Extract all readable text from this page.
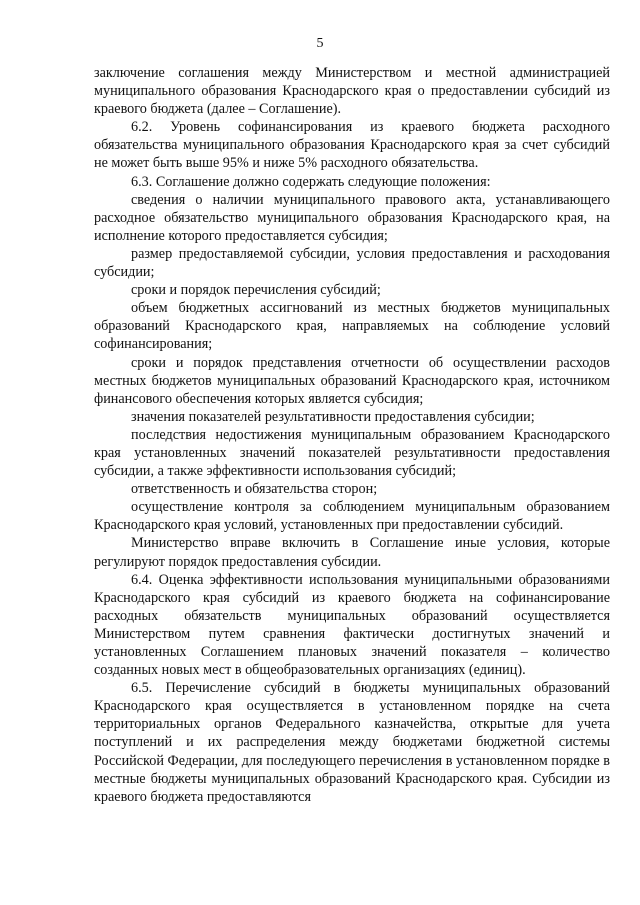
5

заключение соглашения между Министерством и местной администрацией муниципального образования Краснодарского края о предоставлении субсидий из краевого бюджета (далее – Соглашение).

6.2. Уровень софинансирования из краевого бюджета расходного обязательства муниципального образования Краснодарского края за счет субсидий не может быть выше 95% и ниже 5% расходного обязательства.

6.3. Соглашение должно содержать следующие положения:

сведения о наличии муниципального правового акта, устанавливающего расходное обязательство муниципального образования Краснодарского края, на исполнение которого предоставляется субсидия;

размер предоставляемой субсидии, условия предоставления и расходования субсидии;

сроки и порядок перечисления субсидий;

объем бюджетных ассигнований из местных бюджетов муниципальных образований Краснодарского края, направляемых на соблюдение условий софинансирования;

сроки и порядок представления отчетности об осуществлении расходов местных бюджетов муниципальных образований Краснодарского края, источником финансового обеспечения которых является субсидия;

значения показателей результативности предоставления субсидии;

последствия недостижения муниципальным образованием Краснодарского края установленных значений показателей результативности предоставления субсидии, а также эффективности использования субсидий;

ответственность и обязательства сторон;

осуществление контроля за соблюдением муниципальным образованием Краснодарского края условий, установленных при предоставлении субсидий.

Министерство вправе включить в Соглашение иные условия, которые регулируют порядок предоставления субсидии.

6.4. Оценка эффективности использования муниципальными образованиями Краснодарского края субсидий из краевого бюджета на софинансирование расходных обязательств муниципальных образований осуществляется Министерством путем сравнения фактически достигнутых значений и установленных Соглашением плановых значений показателя – количество созданных новых мест в общеобразовательных организациях (единиц).

6.5. Перечисление субсидий в бюджеты муниципальных образований Краснодарского края осуществляется в установленном порядке на счета территориальных органов Федерального казначейства, открытые для учета поступлений и их распределения между бюджетами бюджетной системы Российской Федерации, для последующего перечисления в установленном порядке в местные бюджеты муниципальных образований Краснодарского края. Субсидии из краевого бюджета предоставляются
